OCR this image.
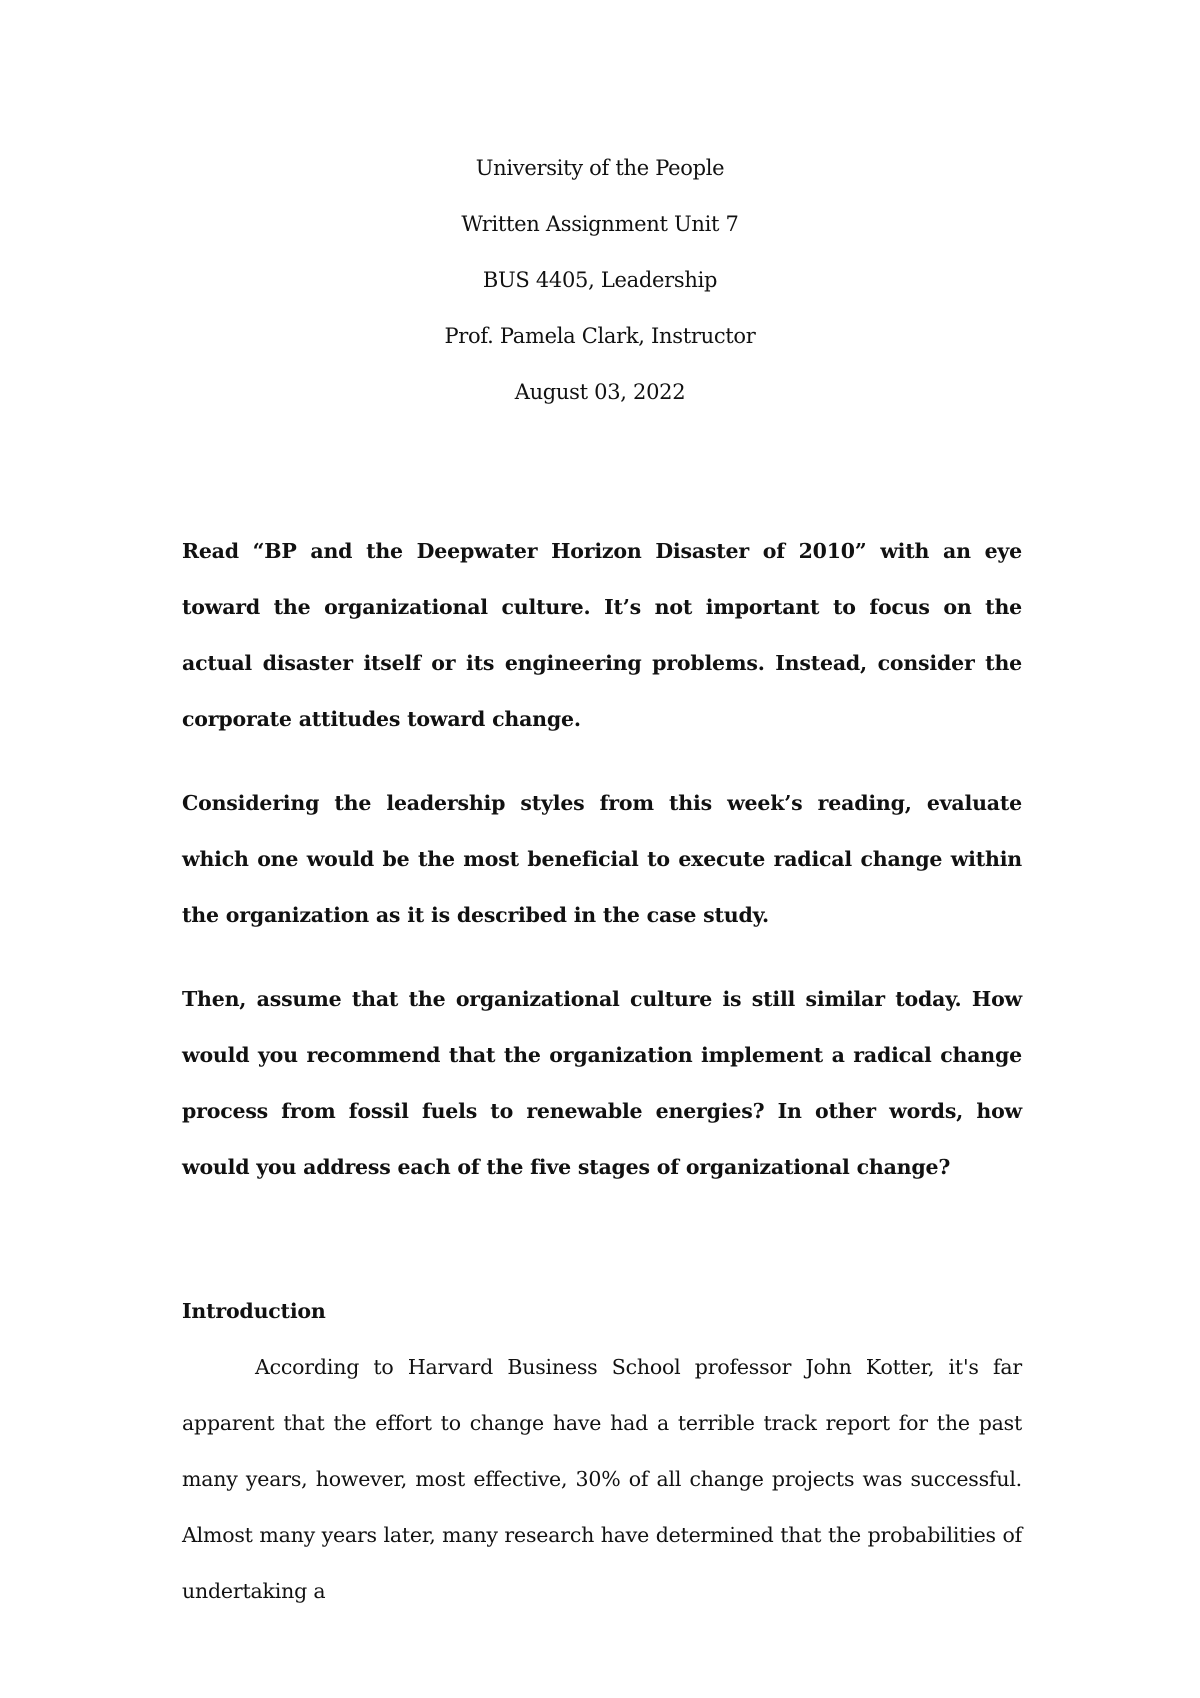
University of the People
Written Assignment Unit 7
BUS 4405, Leadership
Prof. Pamela Clark, Instructor
August 03, 2022

Read “BP and the Deepwater Horizon Disaster of 2010” with an eye toward the organizational culture. It’s not important to focus on the actual disaster itself or its engineering problems. Instead, consider the corporate attitudes toward change.

Considering the leadership styles from this week’s reading, evaluate which one would be the most beneficial to execute radical change within the organization as it is described in the case study.

Then, assume that the organizational culture is still similar today. How would you recommend that the organization implement a radical change process from fossil fuels to renewable energies? In other words, how would you address each of the five stages of organizational change?

Introduction

According to Harvard Business School professor John Kotter, it's far apparent that the effort to change have had a terrible track report for the past many years, however, most effective, 30% of all change projects was successful. Almost many years later, many research have determined that the probabilities of undertaking a
